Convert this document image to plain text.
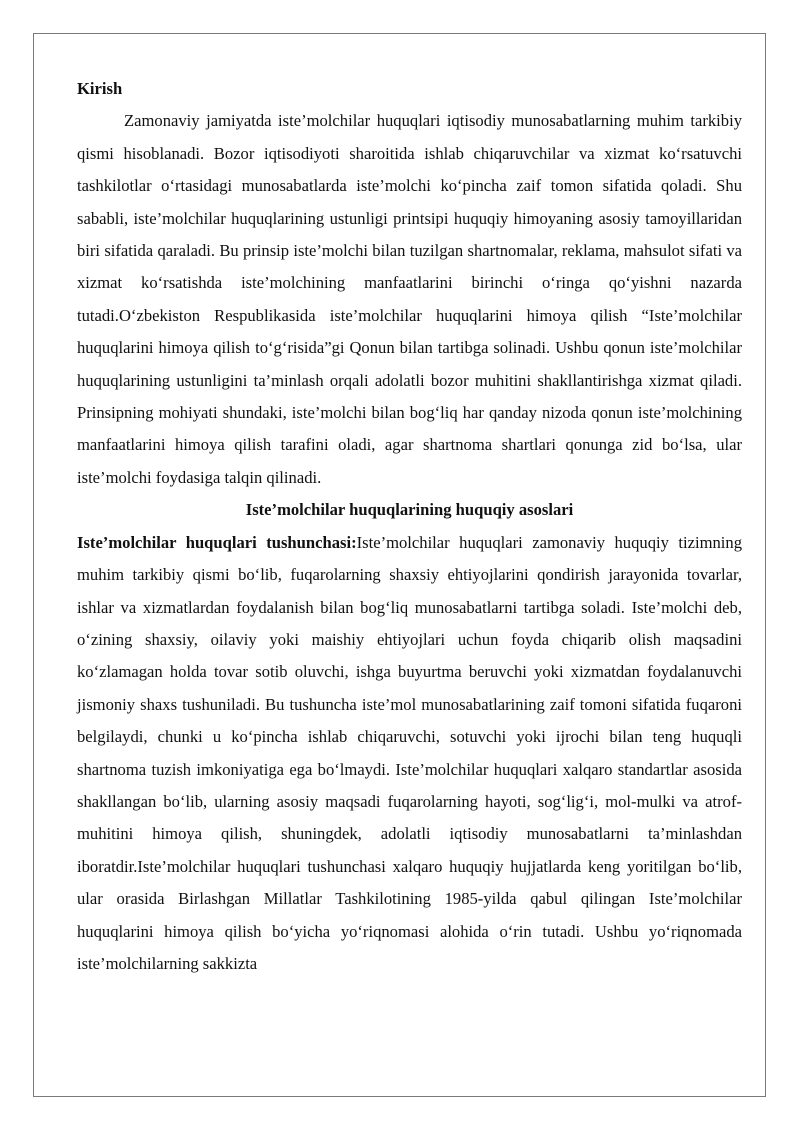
Kirish

Zamonaviy jamiyatda iste’molchilar huquqlari iqtisodiy munosabatlarning muhim tarkibiy qismi hisoblanadi. Bozor iqtisodiyoti sharoitida ishlab chiqaruvchilar va xizmat ko‘rsatuvchi tashkilotlar o‘rtasidagi munosabatlarda iste’molchi ko‘pincha zaif tomon sifatida qoladi. Shu sababli, iste’molchilar huquqlarining ustunligi printsipi huquqiy himoyaning asosiy tamoyillaridan biri sifatida qaraladi. Bu prinsip iste’molchi bilan tuzilgan shartnomalar, reklama, mahsulot sifati va xizmat ko‘rsatishda iste’molchining manfaatlarini birinchi o‘ringa qo‘yishni nazarda tutadi.O‘zbekiston Respublikasida iste’molchilar huquqlarini himoya qilish “Iste’molchilar huquqlarini himoya qilish to‘g‘risida”gi Qonun bilan tartibga solinadi. Ushbu qonun iste’molchilar huquqlarining ustunligini ta’minlash orqali adolatli bozor muhitini shakllantirishga xizmat qiladi. Prinsipning mohiyati shundaki, iste’molchi bilan bog‘liq har qanday nizoda qonun iste’molchining manfaatlarini himoya qilish tarafini oladi, agar shartnoma shartlari qonunga zid bo‘lsa, ular iste’molchi foydasiga talqin qilinadi.

Iste’molchilar huquqlarining huquqiy asoslari

Iste’molchilar huquqlari tushunchasi:Iste’molchilar huquqlari zamonaviy huquqiy tizimning muhim tarkibiy qismi bo‘lib, fuqarolarning shaxsiy ehtiyojlarini qondirish jarayonida tovarlar, ishlar va xizmatlardan foydalanish bilan bog‘liq munosabatlarni tartibga soladi. Iste’molchi deb, o‘zining shaxsiy, oilaviy yoki maishiy ehtiyojlari uchun foyda chiqarib olish maqsadini ko‘zlamagan holda tovar sotib oluvchi, ishga buyurtma beruvchi yoki xizmatdan foydalanuvchi jismoniy shaxs tushuniladi. Bu tushuncha iste’mol munosabatlarining zaif tomoni sifatida fuqaroni belgilaydi, chunki u ko‘pincha ishlab chiqaruvchi, sotuvchi yoki ijrochi bilan teng huquqli shartnoma tuzish imkoniyatiga ega bo‘lmaydi. Iste’molchilar huquqlari xalqaro standartlar asosida shakllangan bo‘lib, ularning asosiy maqsadi fuqarolarning hayoti, sog‘lig‘i, mol-mulki va atrof-muhitini himoya qilish, shuningdek, adolatli iqtisodiy munosabatlarni ta’minlashdan iboratdir.Iste’molchilar huquqlari tushunchasi xalqaro huquqiy hujjatlarda keng yoritilgan bo‘lib, ular orasida Birlashgan Millatlar Tashkilotining 1985-yilda qabul qilingan Iste’molchilar huquqlarini himoya qilish bo‘yicha yo‘riqnomasi alohida o‘rin tutadi. Ushbu yo‘riqnomada iste’molchilarning sakkizta
